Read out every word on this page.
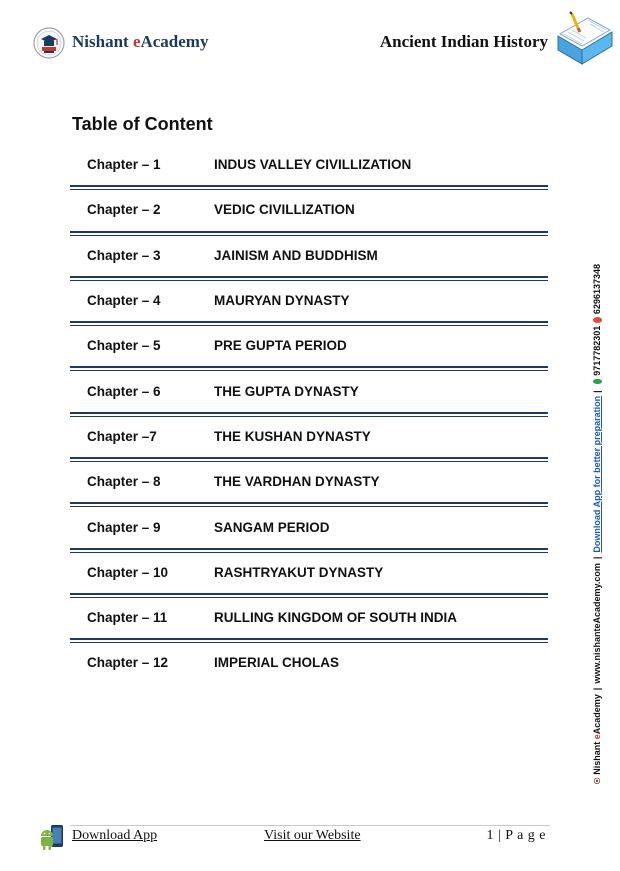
Nishant eAcademy	Ancient Indian History
Table of Content
Chapter – 1	INDUS VALLEY CIVILLIZATION
Chapter – 2	VEDIC CIVILLIZATION
Chapter – 3	JAINISM AND BUDDHISM
Chapter – 4	MAURYAN DYNASTY
Chapter – 5	PRE GUPTA PERIOD
Chapter – 6	THE GUPTA DYNASTY
Chapter –7	THE KUSHAN DYNASTY
Chapter – 8	THE VARDHAN DYNASTY
Chapter – 9	SANGAM PERIOD
Chapter – 10	RASHTRYAKUT DYNASTY
Chapter – 11	RULLING KINGDOM OF SOUTH INDIA
Chapter – 12	IMPERIAL CHOLAS
Nishant eAcademy
|
www.nishanteAcademy.com
|
Download App for better preparation
|
9717782301
6296137348
Download App	Visit our Website	1 | P a g e
